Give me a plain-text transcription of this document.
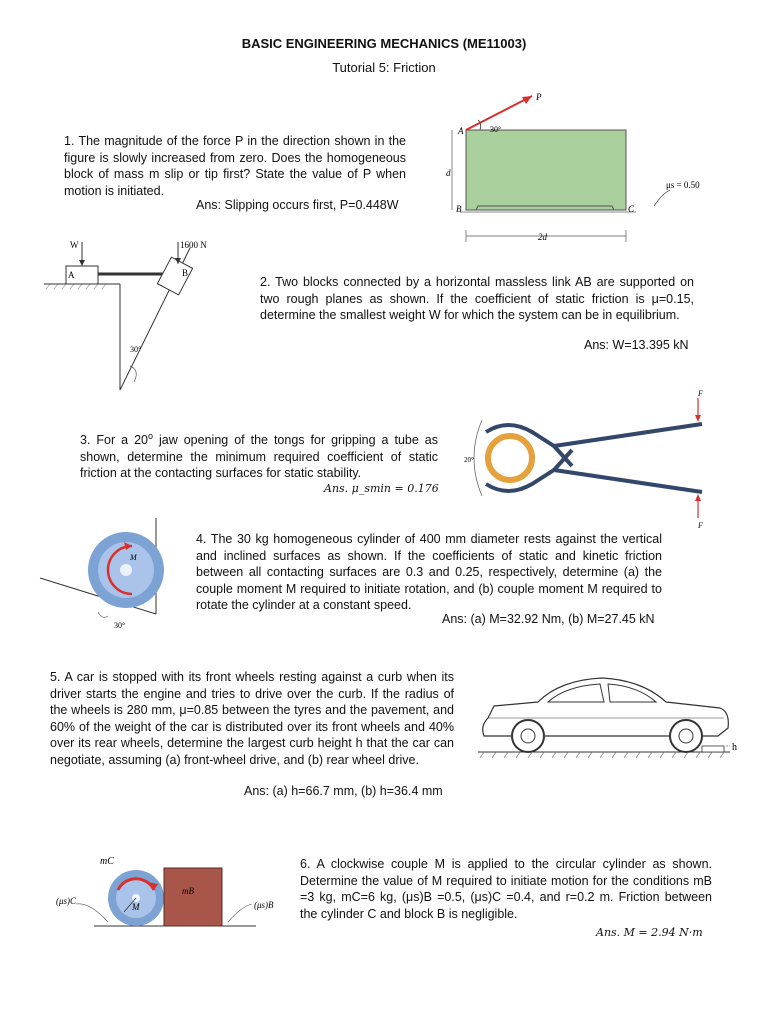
BASIC ENGINEERING MECHANICS (ME11003)
Tutorial 5: Friction
1. The magnitude of the force P in the direction shown in the figure is slowly increased from zero. Does the homogeneous block of mass m slip or tip first? State the value of P when motion is initiated.
Ans: Slipping occurs first, P=0.448W
A	30°
P
d
B	C
2d
μs = 0.50
W	1600 N
A	B
30°
2. Two blocks connected by a horizontal massless link AB are supported on two rough planes as shown. If the coefficient of static friction is μ=0.15, determine the smallest weight W for which the system can be in equilibrium.
Ans: W=13.395 kN
3. For a 20$^o$ jaw opening of the tongs for gripping a tube as shown, determine the minimum required coefficient of static friction at the contacting surfaces for static stability.
Ans. μ_smin = 0.176
20°
F
F
M
30°
4. The 30 kg homogeneous cylinder of 400 mm diameter rests against the vertical and inclined surfaces as shown. If the coefficients of static and kinetic friction between all contacting surfaces are 0.3 and 0.25, respectively, determine (a) the couple moment M required to initiate rotation, and (b) couple moment M required to rotate the cylinder at a constant speed.
Ans: (a) M=32.92 Nm, (b) M=27.45 kN
5. A car is stopped with its front wheels resting against a curb when its driver starts the engine and tries to drive over the curb. If the radius of the wheels is 280 mm, μ=0.85 between the tyres and the pavement, and 60% of the weight of the car is distributed over its front wheels and 40% over its rear wheels, determine the largest curb height h that the car can negotiate, assuming (a) front-wheel drive, and (b) rear wheel drive.
Ans: (a) h=66.7 mm, (b) h=36.4 mm
h
mC
mB
(μs)C	(μs)B
M
6. A clockwise couple M is applied to the circular cylinder as shown. Determine the value of M required to initiate motion for the conditions mB =3 kg, mC=6 kg, (μs)B =0.5, (μs)C =0.4, and r=0.2 m. Friction between the cylinder C and block B is negligible.
Ans. M = 2.94 N·m
